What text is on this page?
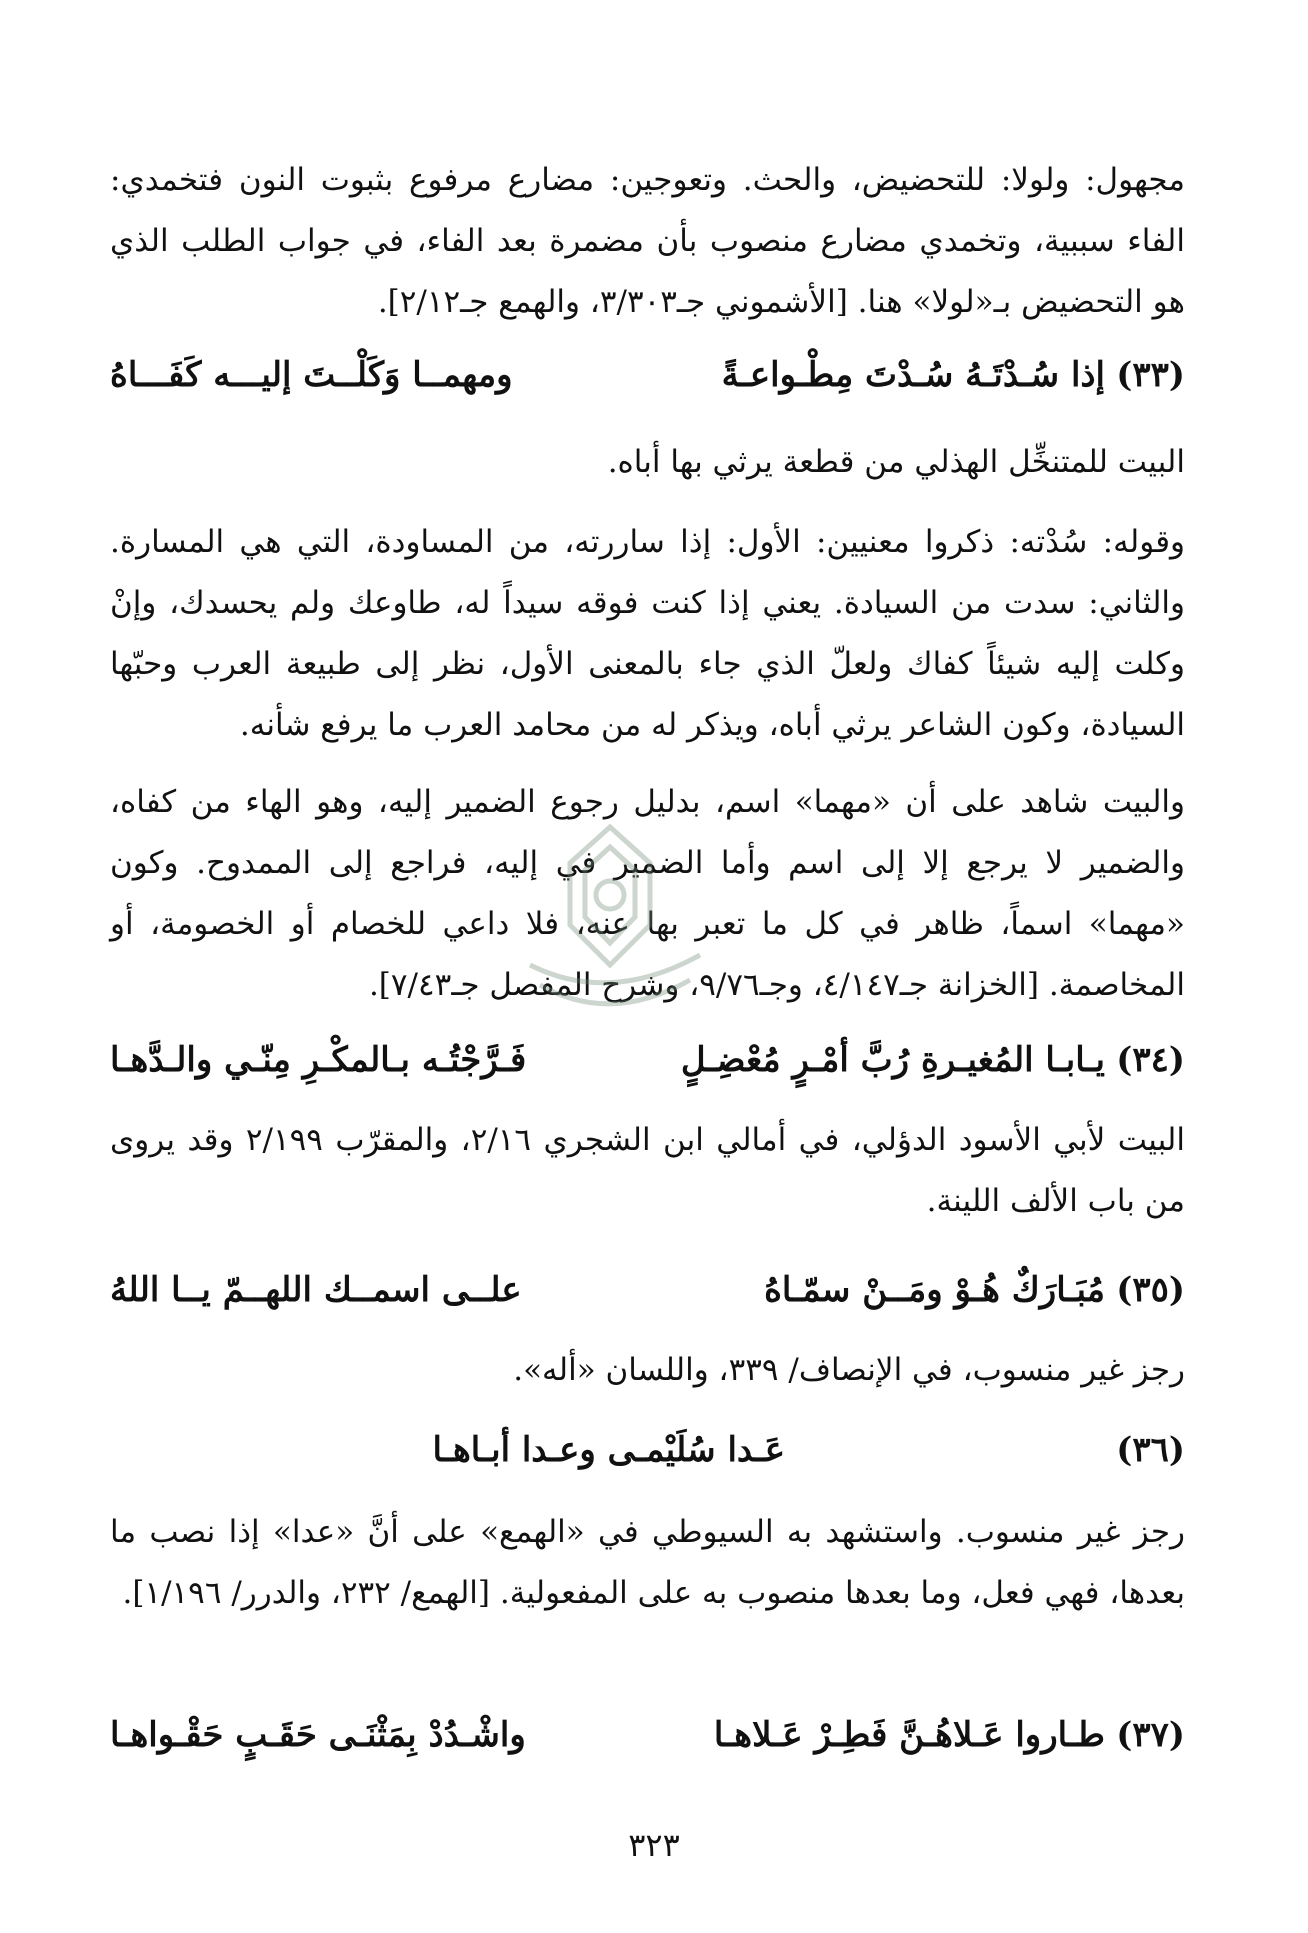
مجهول: ولولا: للتحضيض، والحث. وتعوجين: مضارع مرفوع بثبوت النون فتخمدي: الفاء سببية، وتخمدي مضارع منصوب بأن مضمرة بعد الفاء، في جواب الطلب الذي هو التحضيض بـ«لولا» هنا. [الأشموني جـ٣/٣٠٣، والهمع جـ٢/١٢].

(٣٣)
إذا سُـدْتَـهُ سُـدْتَ مِطْـواعـةً
ومهمــا وَكَلْــتَ إليـــه كَفَـــاهُ

البيت للمتنخِّل الهذلي من قطعة يرثي بها أباه.

وقوله: سُدْته: ذكروا معنيين: الأول: إذا ساررته، من المساودة، التي هي المسارة. والثاني: سدت من السيادة. يعني إذا كنت فوقه سيداً له، طاوعك ولم يحسدك، وإنْ وكلت إليه شيئاً كفاك ولعلّ الذي جاء بالمعنى الأول، نظر إلى طبيعة العرب وحبّها السيادة، وكون الشاعر يرثي أباه، ويذكر له من محامد العرب ما يرفع شأنه.

والبيت شاهد على أن «مهما» اسم، بدليل رجوع الضمير إليه، وهو الهاء من كفاه، والضمير لا يرجع إلا إلى اسم وأما الضمير في إليه، فراجع إلى الممدوح. وكون «مهما» اسماً، ظاهر في كل ما تعبر بها عنه، فلا داعي للخصام أو الخصومة، أو المخاصمة. [الخزانة جـ٤/١٤٧، وجـ٩/٧٦، وشرح المفصل جـ٧/٤٣].

(٣٤)
يـابـا المُغيـرةِ رُبَّ أمْـرٍ مُعْضِـلٍ
فَـرَّجْتُـه بـالمكْـرِ مِنّـي والـدَّهـا

البيت لأبي الأسود الدؤلي، في أمالي ابن الشجري ٢/١٦، والمقرّب ٢/١٩٩ وقد يروى من باب الألف اللينة.

(٣٥)
مُبَـارَكٌ هُـوْ ومَــنْ سمّـاهُ
علــى اسمــك اللهــمّ يــا اللهُ

رجز غير منسوب، في الإنصاف/ ٣٣٩، واللسان «أله».

(٣٦)
عَـدا سُلَيْمـى وعـدا أبـاهـا

رجز غير منسوب. واستشهد به السيوطي في «الهمع» على أنَّ «عدا» إذا نصب ما بعدها، فهي فعل، وما بعدها منصوب به على المفعولية. [الهمع/ ٢٣٢، والدرر/ ١/١٩٦].

(٣٧)
طـاروا عَـلاهُـنَّ فَطِـرْ عَـلاهـا
واشْـدُدْ بِمَثْنَـى حَقَـبٍ حَقْـواهـا
٣٢٣
